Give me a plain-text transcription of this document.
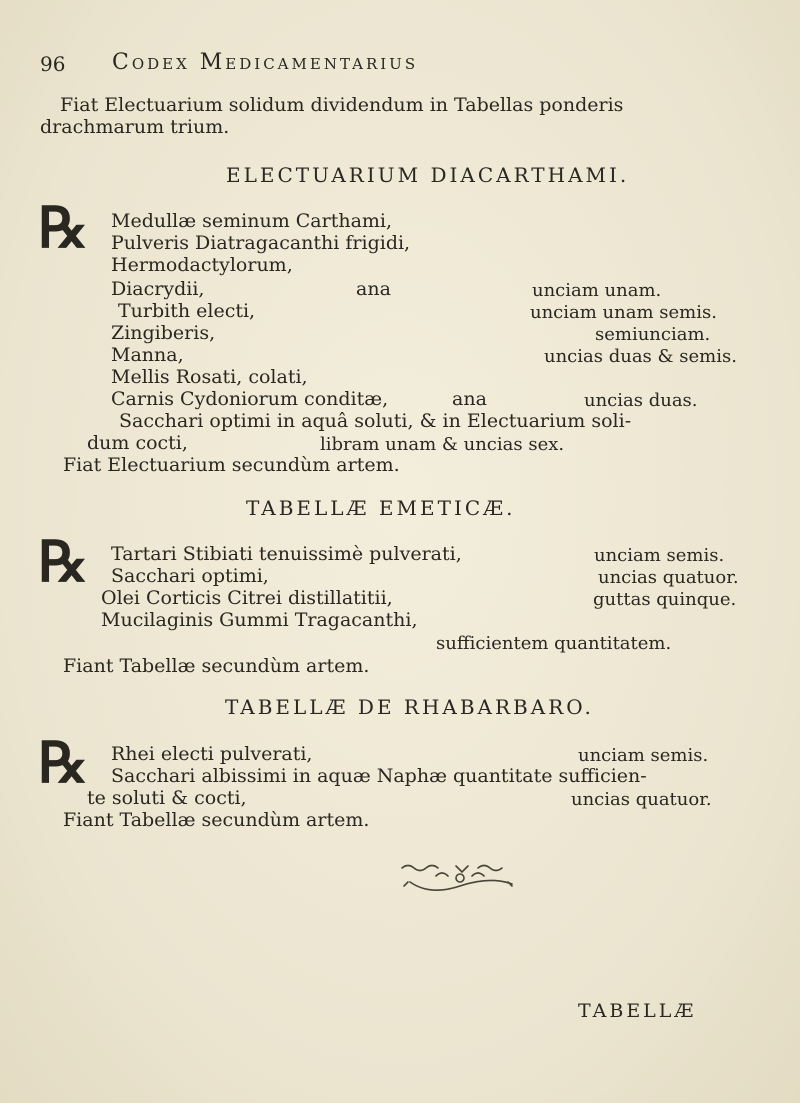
96 Codex Medicamentarius
Fiat Electuarium solidum dividendum in Tabellas ponderis
drachmarum trium.
ELECTUARIUM DIACARTHAMI.
℞ Medullæ seminum Carthami,
Pulveris Diatragacanthi frigidi,
Hermodactylorum,
Diacrydii,	ana	unciam unam.
Turbith electi,	unciam unam semis.
Zingiberis,	semiunciam.
Manna,	uncias duas & semis.
Mellis Rosati, colati,
Carnis Cydoniorum conditæ,	ana	uncias duas.
Sacchari optimi in aquâ soluti, & in Electuarium soli-
dum cocti,	libram unam & uncias sex.
Fiat Electuarium secundùm artem.
TABELLÆ EMETICÆ.
℞ Tartari Stibiati tenuissimè pulverati,	unciam semis.
Sacchari optimi,	uncias quatuor.
Olei Corticis Citrei distillatitii,	guttas quinque.
Mucilaginis Gummi Tragacanthi,
sufficientem quantitatem.
Fiant Tabellæ secundùm artem.
TABELLÆ DE RHABARBARO.
℞ Rhei electi pulverati,	unciam semis.
Sacchari albissimi in aquæ Naphæ quantitate sufficien-
te soluti & cocti,	uncias quatuor.
Fiant Tabellæ secundùm artem.
TABELLÆ
